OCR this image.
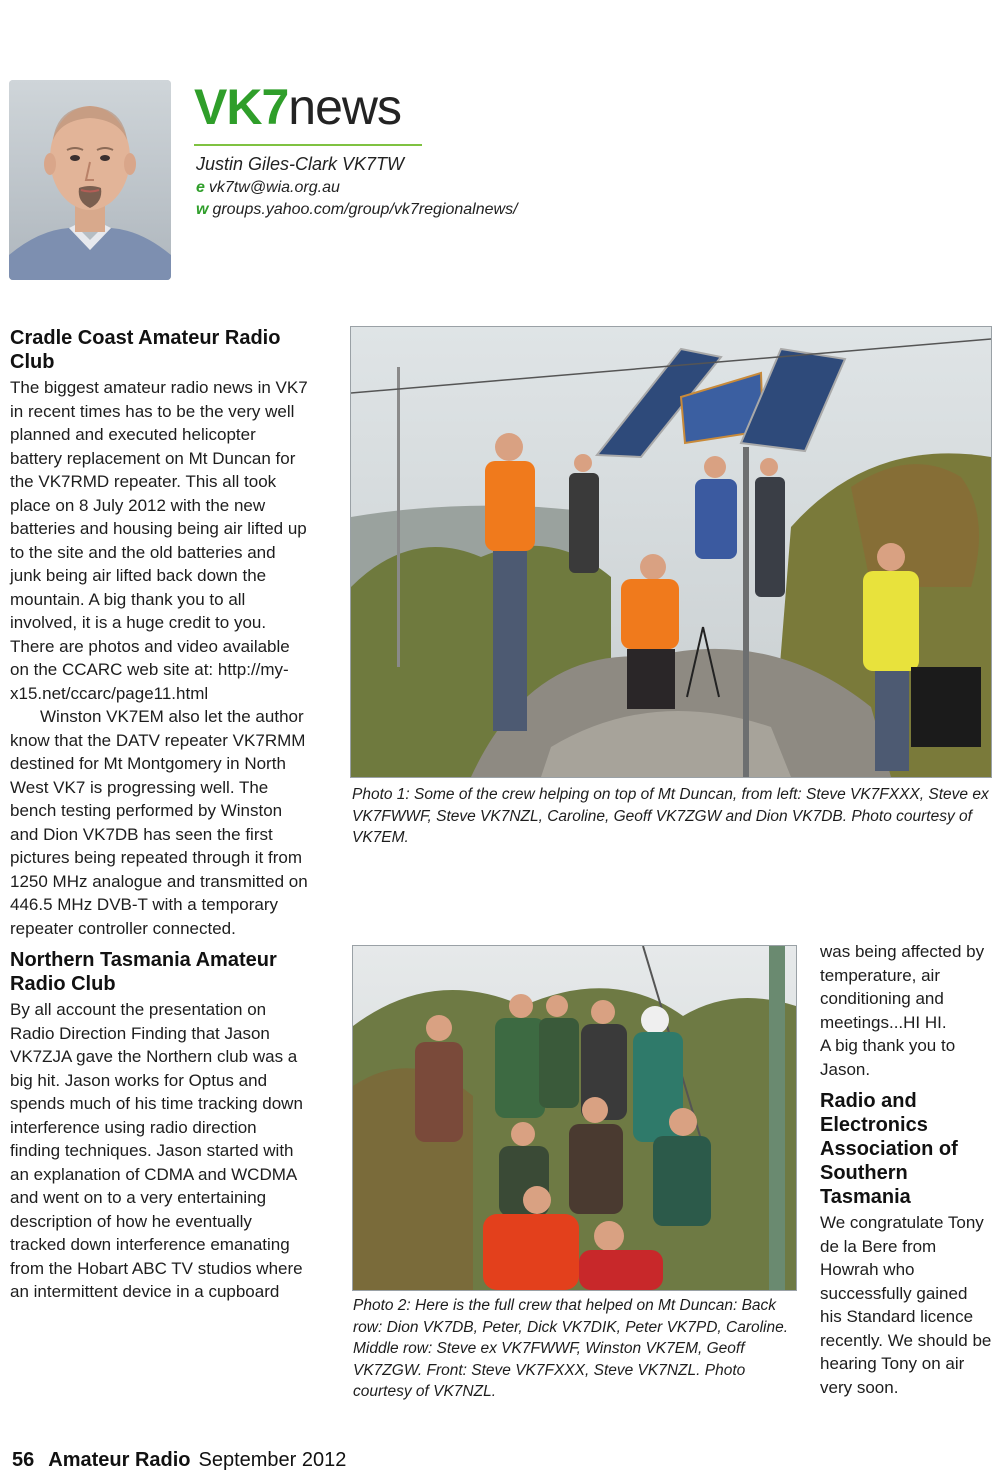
VK7news
Justin Giles-Clark VK7TW
e vk7tw@wia.org.au
w groups.yahoo.com/group/vk7regionalnews/
Cradle Coast Amateur Radio Club

The biggest amateur radio news in VK7 in recent times has to be the very well planned and executed helicopter battery replacement on Mt Duncan for the VK7RMD repeater. This all took place on 8 July 2012 with the new batteries and housing being air lifted up to the site and the old batteries and junk being air lifted back down the mountain. A big thank you to all involved, it is a huge credit to you. There are photos and video available on the CCARC web site at: http://my-x15.net/ccarc/page11.html

Winston VK7EM also let the author know that the DATV repeater VK7RMM destined for Mt Montgomery in North West VK7 is progressing well. The bench testing performed by Winston and Dion VK7DB has seen the first pictures being repeated through it from 1250 MHz analogue and transmitted on 446.5 MHz DVB-T with a temporary repeater controller connected.

Northern Tasmania Amateur Radio Club

By all account the presentation on Radio Direction Finding that Jason VK7ZJA gave the Northern club was a big hit. Jason works for Optus and spends much of his time tracking down interference using radio direction finding techniques. Jason started with an explanation of CDMA and WCDMA and went on to a very entertaining description of how he eventually tracked down interference emanating from the Hobart ABC TV studios where an intermittent device in a cupboard

Photo 1: Some of the crew helping on top of Mt Duncan, from left: Steve VK7FXXX, Steve ex VK7FWWF, Steve VK7NZL, Caroline, Geoff VK7ZGW and Dion VK7DB. Photo courtesy of VK7EM.
Photo 2: Here is the full crew that helped on Mt Duncan: Back row: Dion VK7DB, Peter, Dick VK7DIK, Peter VK7PD, Caroline. Middle row: Steve ex VK7FWWF, Winston VK7EM, Geoff VK7ZGW. Front: Steve VK7FXXX, Steve VK7NZL. Photo courtesy of VK7NZL.

was being affected by temperature, air conditioning and meetings...HI HI.

A big thank you to Jason.

Radio and Electronics Association of Southern Tasmania

We congratulate Tony de la Bere from Howrah who successfully gained his Standard licence recently. We should be hearing Tony on air very soon.

56 Amateur Radio September 2012
